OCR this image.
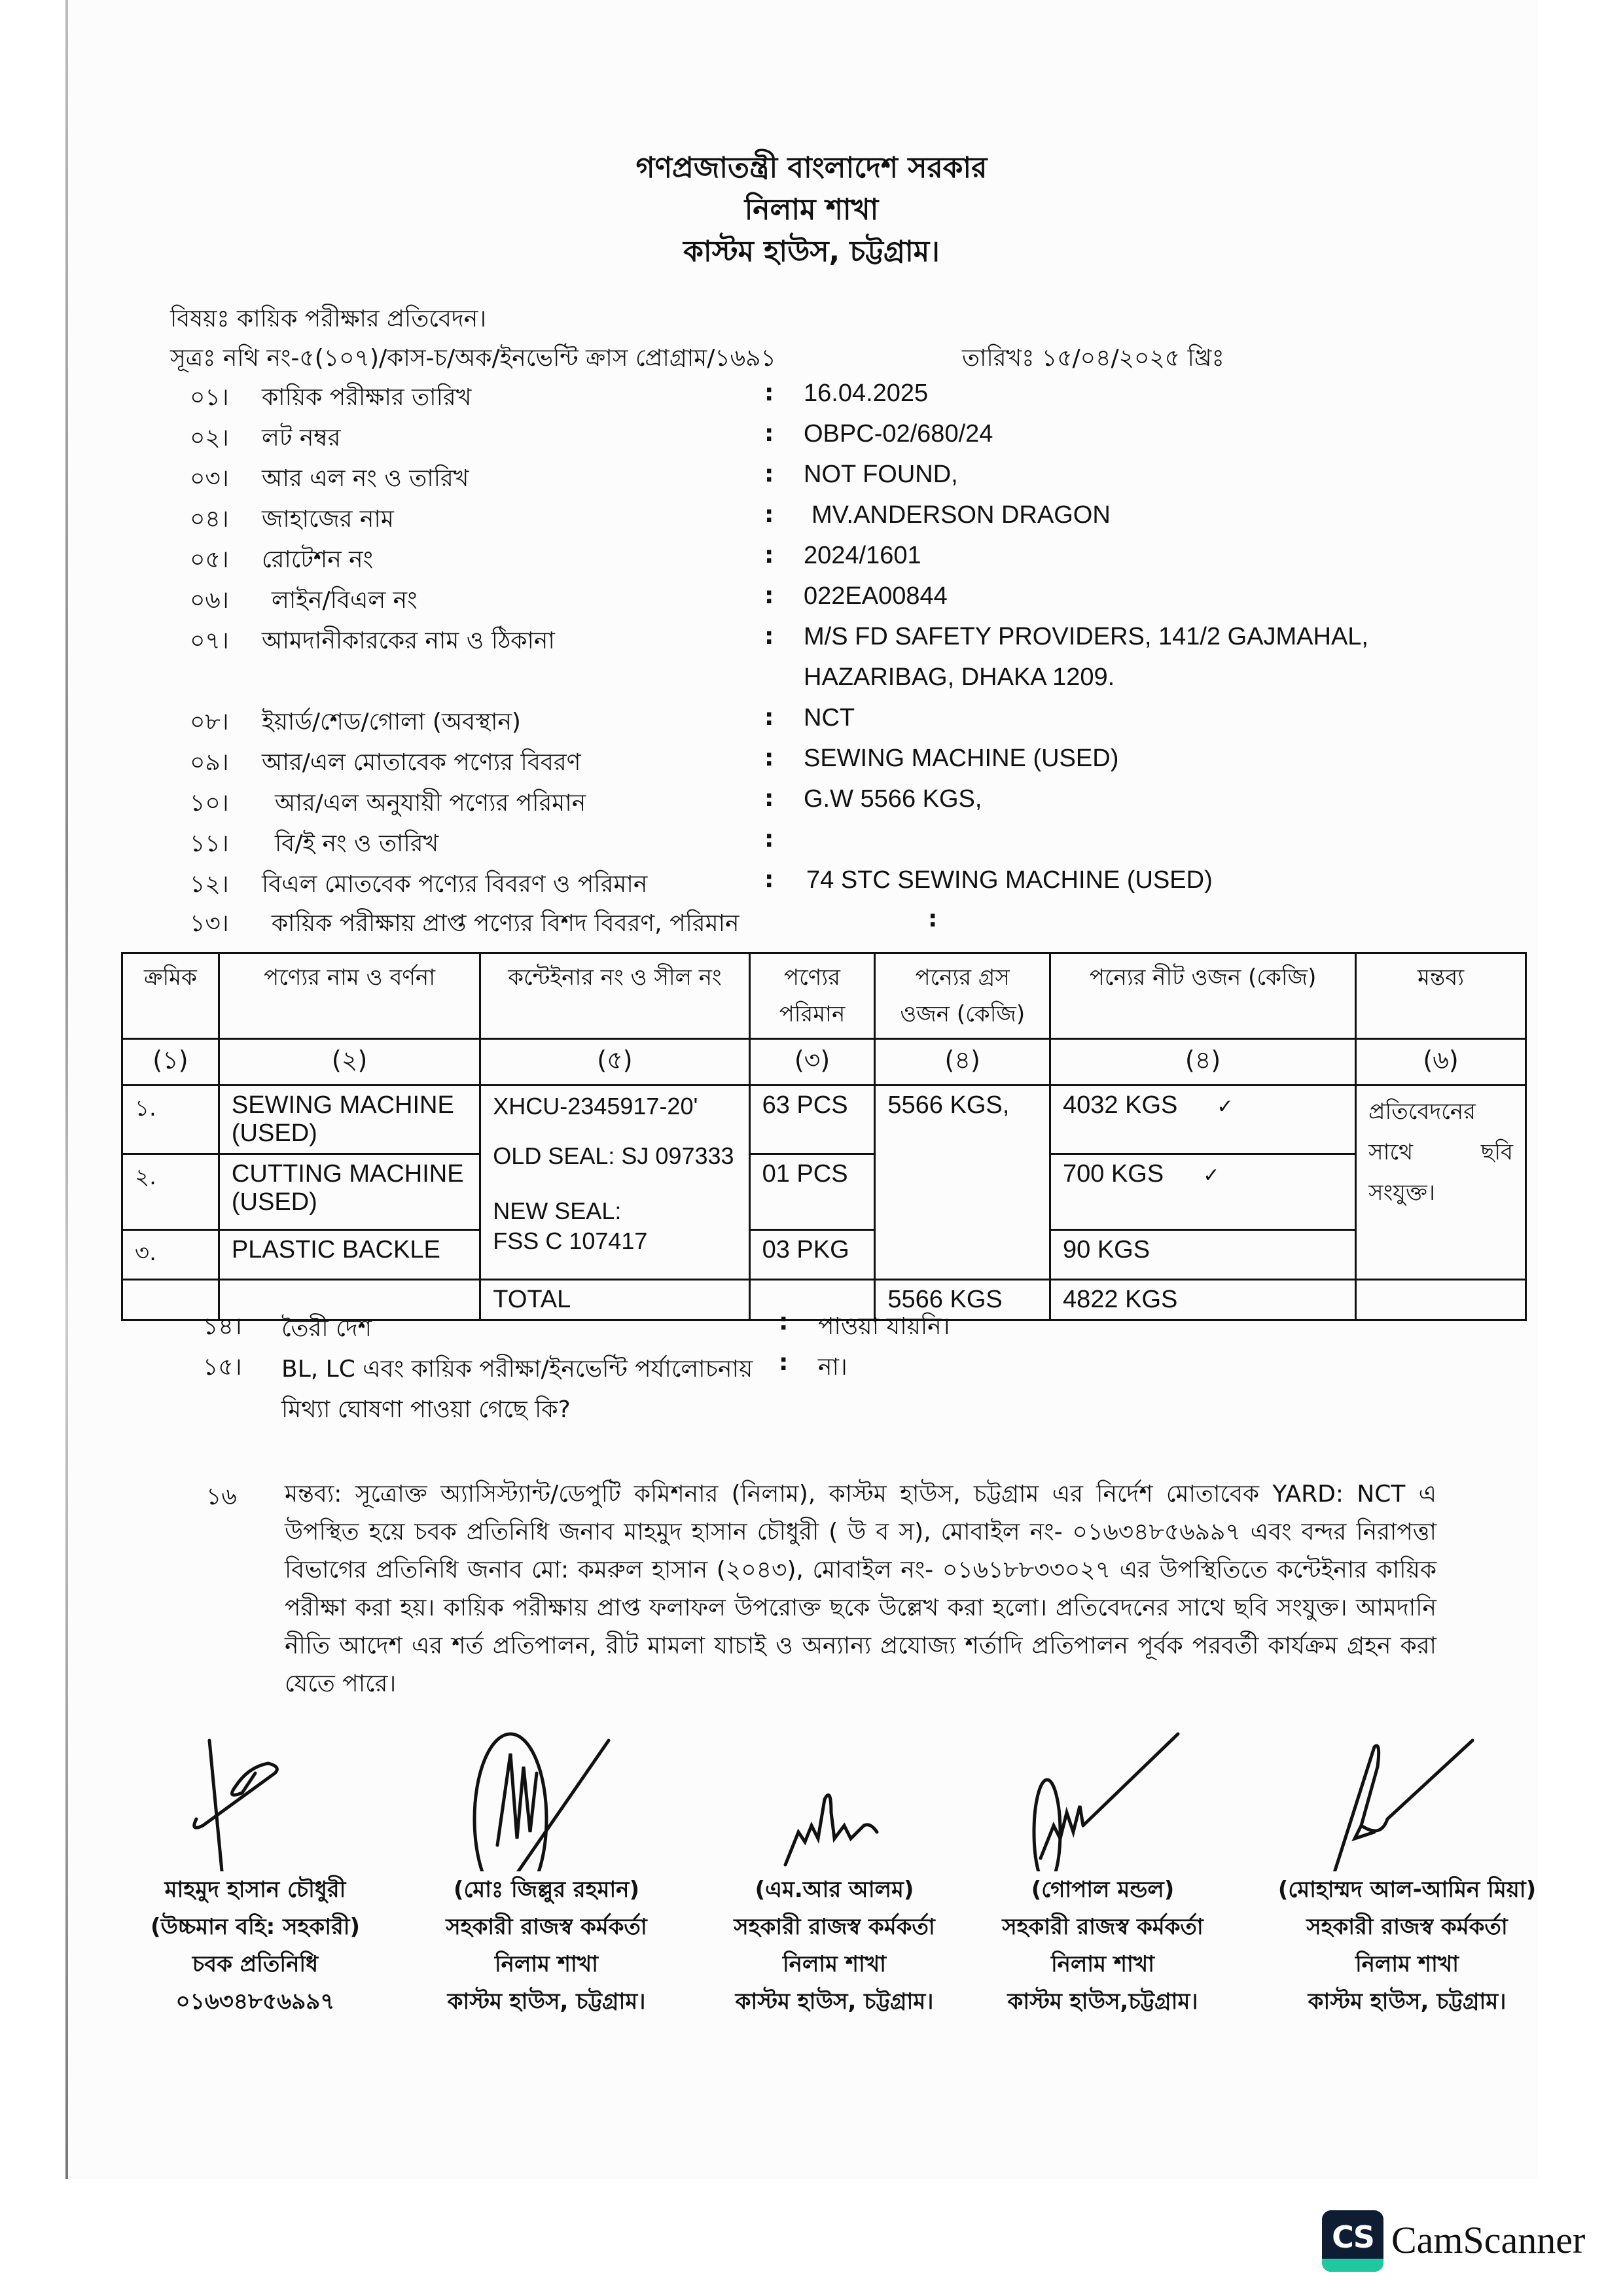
গণপ্রজাতন্ত্রী বাংলাদেশ সরকার
নিলাম শাখা
কাস্টম হাউস, চট্টগ্রাম।
বিষয়ঃ কায়িক পরীক্ষার প্রতিবেদন।
সূত্রঃ নথি নং-৫(১০৭)/কাস-চ/অক/ইনভেন্টি ক্রাস প্রোগ্রাম/১৬৯১	তারিখঃ ১৫/০৪/২০২৫ খ্রিঃ
০১। কায়িক পরীক্ষার তারিখ	: 16.04.2025
০২। লট নম্বর	: OBPC-02/680/24
০৩। আর এল নং ও তারিখ	: NOT FOUND,
০৪। জাহাজের নাম	: MV.ANDERSON DRAGON
০৫। রোটেশন নং	: 2024/1601
০৬। লাইন/বিএল নং	: 022EA00844
০৭। আমদানীকারকের নাম ও ঠিকানা	: M/S FD SAFETY PROVIDERS, 141/2 GAJMAHAL,
HAZARIBAG, DHAKA 1209.
০৮। ইয়ার্ড/শেড/গোলা (অবস্থান)	: NCT
০৯। আর/এল মোতাবেক পণ্যের বিবরণ	: SEWING MACHINE (USED)
১০। আর/এল অনুযায়ী পণ্যের পরিমান	: G.W 5566 KGS,
১১। বি/ই নং ও তারিখ	:
১২। বিএল মোতবেক পণ্যের বিবরণ ও পরিমান	: 74 STC SEWING MACHINE (USED)
১৩। কায়িক পরীক্ষায় প্রাপ্ত পণ্যের বিশদ বিবরণ, পরিমান	:
ক্রমিক	পণ্যের নাম ও বর্ণনা	কন্টেইনার নং ও সীল নং	পণ্যের পরিমান	পন্যের গ্রস ওজন (কেজি)	পন্যের নীট ওজন (কেজি)	মন্তব্য
(১)	(২)	(৫)	(৩)	(৪)	(৪)	(৬)
১.	SEWING MACHINE (USED)	XHCU-2345917-20'
OLD SEAL: SJ 097333
NEW SEAL:
FSS C 107417	63 PCS	5566 KGS,	4032 KGS ✓	প্রতিবেদনের সাথে ছবি সংযুক্ত।
২.	CUTTING MACHINE (USED)		01 PCS		700 KGS ✓	
৩.	PLASTIC BACKLE		03 PKG		90 KGS	
		TOTAL		5566 KGS	4822 KGS	
১৪। তৈরী দেশ	: পাওয়া যায়নি।
১৫। BL, LC এবং কায়িক পরীক্ষা/ইনভেন্টি পর্যালোচনায়
মিথ্যা ঘোষণা পাওয়া গেছে কি?
: না।
১৬ মন্তব্য: সূত্রোক্ত অ্যাসিস্ট্যান্ট/ডেপুটি কমিশনার (নিলাম), কাস্টম হাউস, চট্টগ্রাম এর নির্দেশ মোতাবেক YARD: NCT এ উপস্থিত হয়ে চবক প্রতিনিধি জনাব মাহমুদ হাসান চৌধুরী ( উ ব স), মোবাইল নং- ০১৬৩৪৮৫৬৯৯৭ এবং বন্দর নিরাপত্তা বিভাগের প্রতিনিধি জনাব মো: কমরুল হাসান (২০৪৩), মোবাইল নং- ০১৬১৮৮৩৩০২৭ এর উপস্থিতিতে কন্টেইনার কায়িক পরীক্ষা করা হয়। কায়িক পরীক্ষায় প্রাপ্ত ফলাফল উপরোক্ত ছকে উল্লেখ করা হলো। প্রতিবেদনের সাথে ছবি সংযুক্ত। আমদানি নীতি আদেশ এর শর্ত প্রতিপালন, রীট মামলা যাচাই ও অন্যান্য প্রযোজ্য শর্তাদি প্রতিপালন পূর্বক পরবর্তী কার্যক্রম গ্রহন করা যেতে পারে।
মাহমুদ হাসান চৌধুরী
(উচ্চমান বহি: সহকারী)
চবক প্রতিনিধি
০১৬৩৪৮৫৬৯৯৭
(মোঃ জিল্লুর রহমান)
সহকারী রাজস্ব কর্মকর্তা
নিলাম শাখা
কাস্টম হাউস, চট্টগ্রাম।
(এম.আর আলম)
সহকারী রাজস্ব কর্মকর্তা
নিলাম শাখা
কাস্টম হাউস, চট্টগ্রাম।
(গোপাল মন্ডল)
সহকারী রাজস্ব কর্মকর্তা
নিলাম শাখা
কাস্টম হাউস,চট্টগ্রাম।
(মোহাম্মদ আল-আমিন মিয়া)
সহকারী রাজস্ব কর্মকর্তা
নিলাম শাখা
কাস্টম হাউস, চট্টগ্রাম।
CS CamScanner
